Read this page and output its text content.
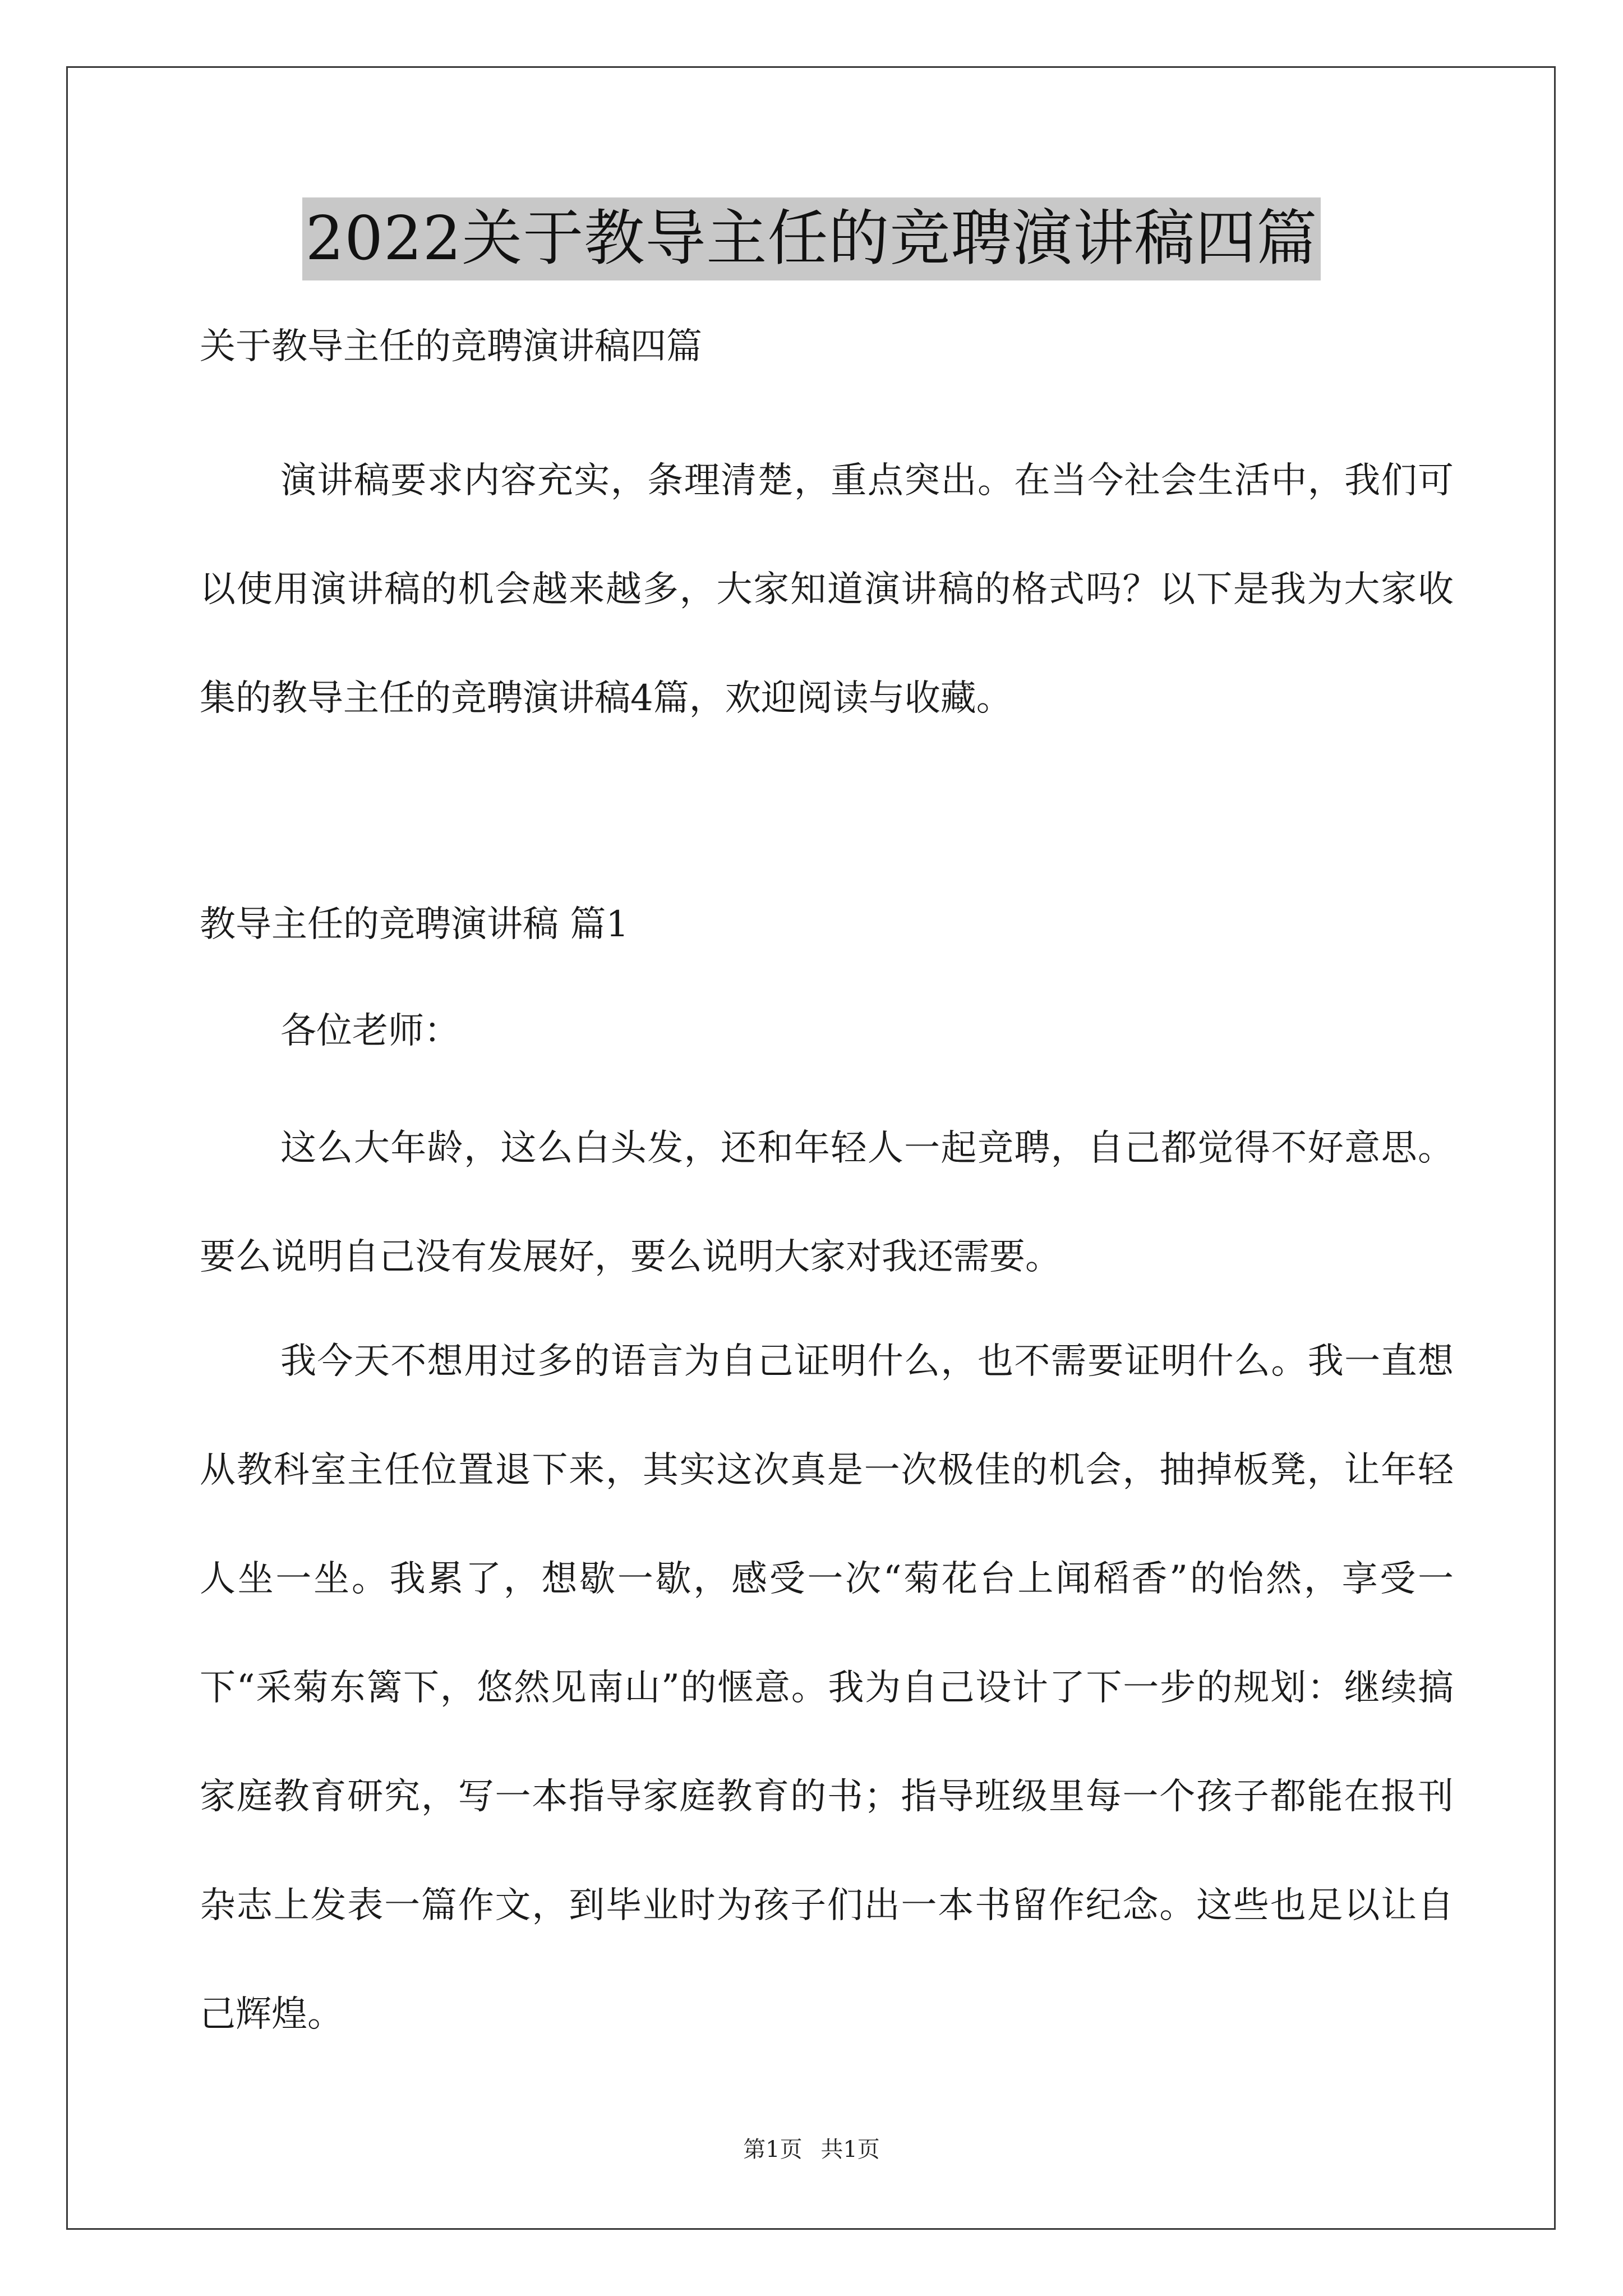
2022关于教导主任的竞聘演讲稿四篇

关于教导主任的竞聘演讲稿四篇

演讲稿要求内容充实，条理清楚，重点突出。在当今社会生活中，我们可以使用演讲稿的机会越来越多，大家知道演讲稿的格式吗？以下是我为大家收集的教导主任的竞聘演讲稿4篇，欢迎阅读与收藏。

教导主任的竞聘演讲稿 篇1

各位老师：

这么大年龄，这么白头发，还和年轻人一起竞聘，自己都觉得不好意思。要么说明自己没有发展好，要么说明大家对我还需要。

我今天不想用过多的语言为自己证明什么，也不需要证明什么。我一直想从教科室主任位置退下来，其实这次真是一次极佳的机会，抽掉板凳，让年轻人坐一坐。我累了，想歇一歇，感受一次“菊花台上闻稻香”的怡然，享受一下“采菊东篱下，悠然见南山”的惬意。我为自己设计了下一步的规划：继续搞家庭教育研究，写一本指导家庭教育的书；指导班级里每一个孩子都能在报刊杂志上发表一篇作文，到毕业时为孩子们出一本书留作纪念。这些也足以让自己辉煌。

第1页 共1页
